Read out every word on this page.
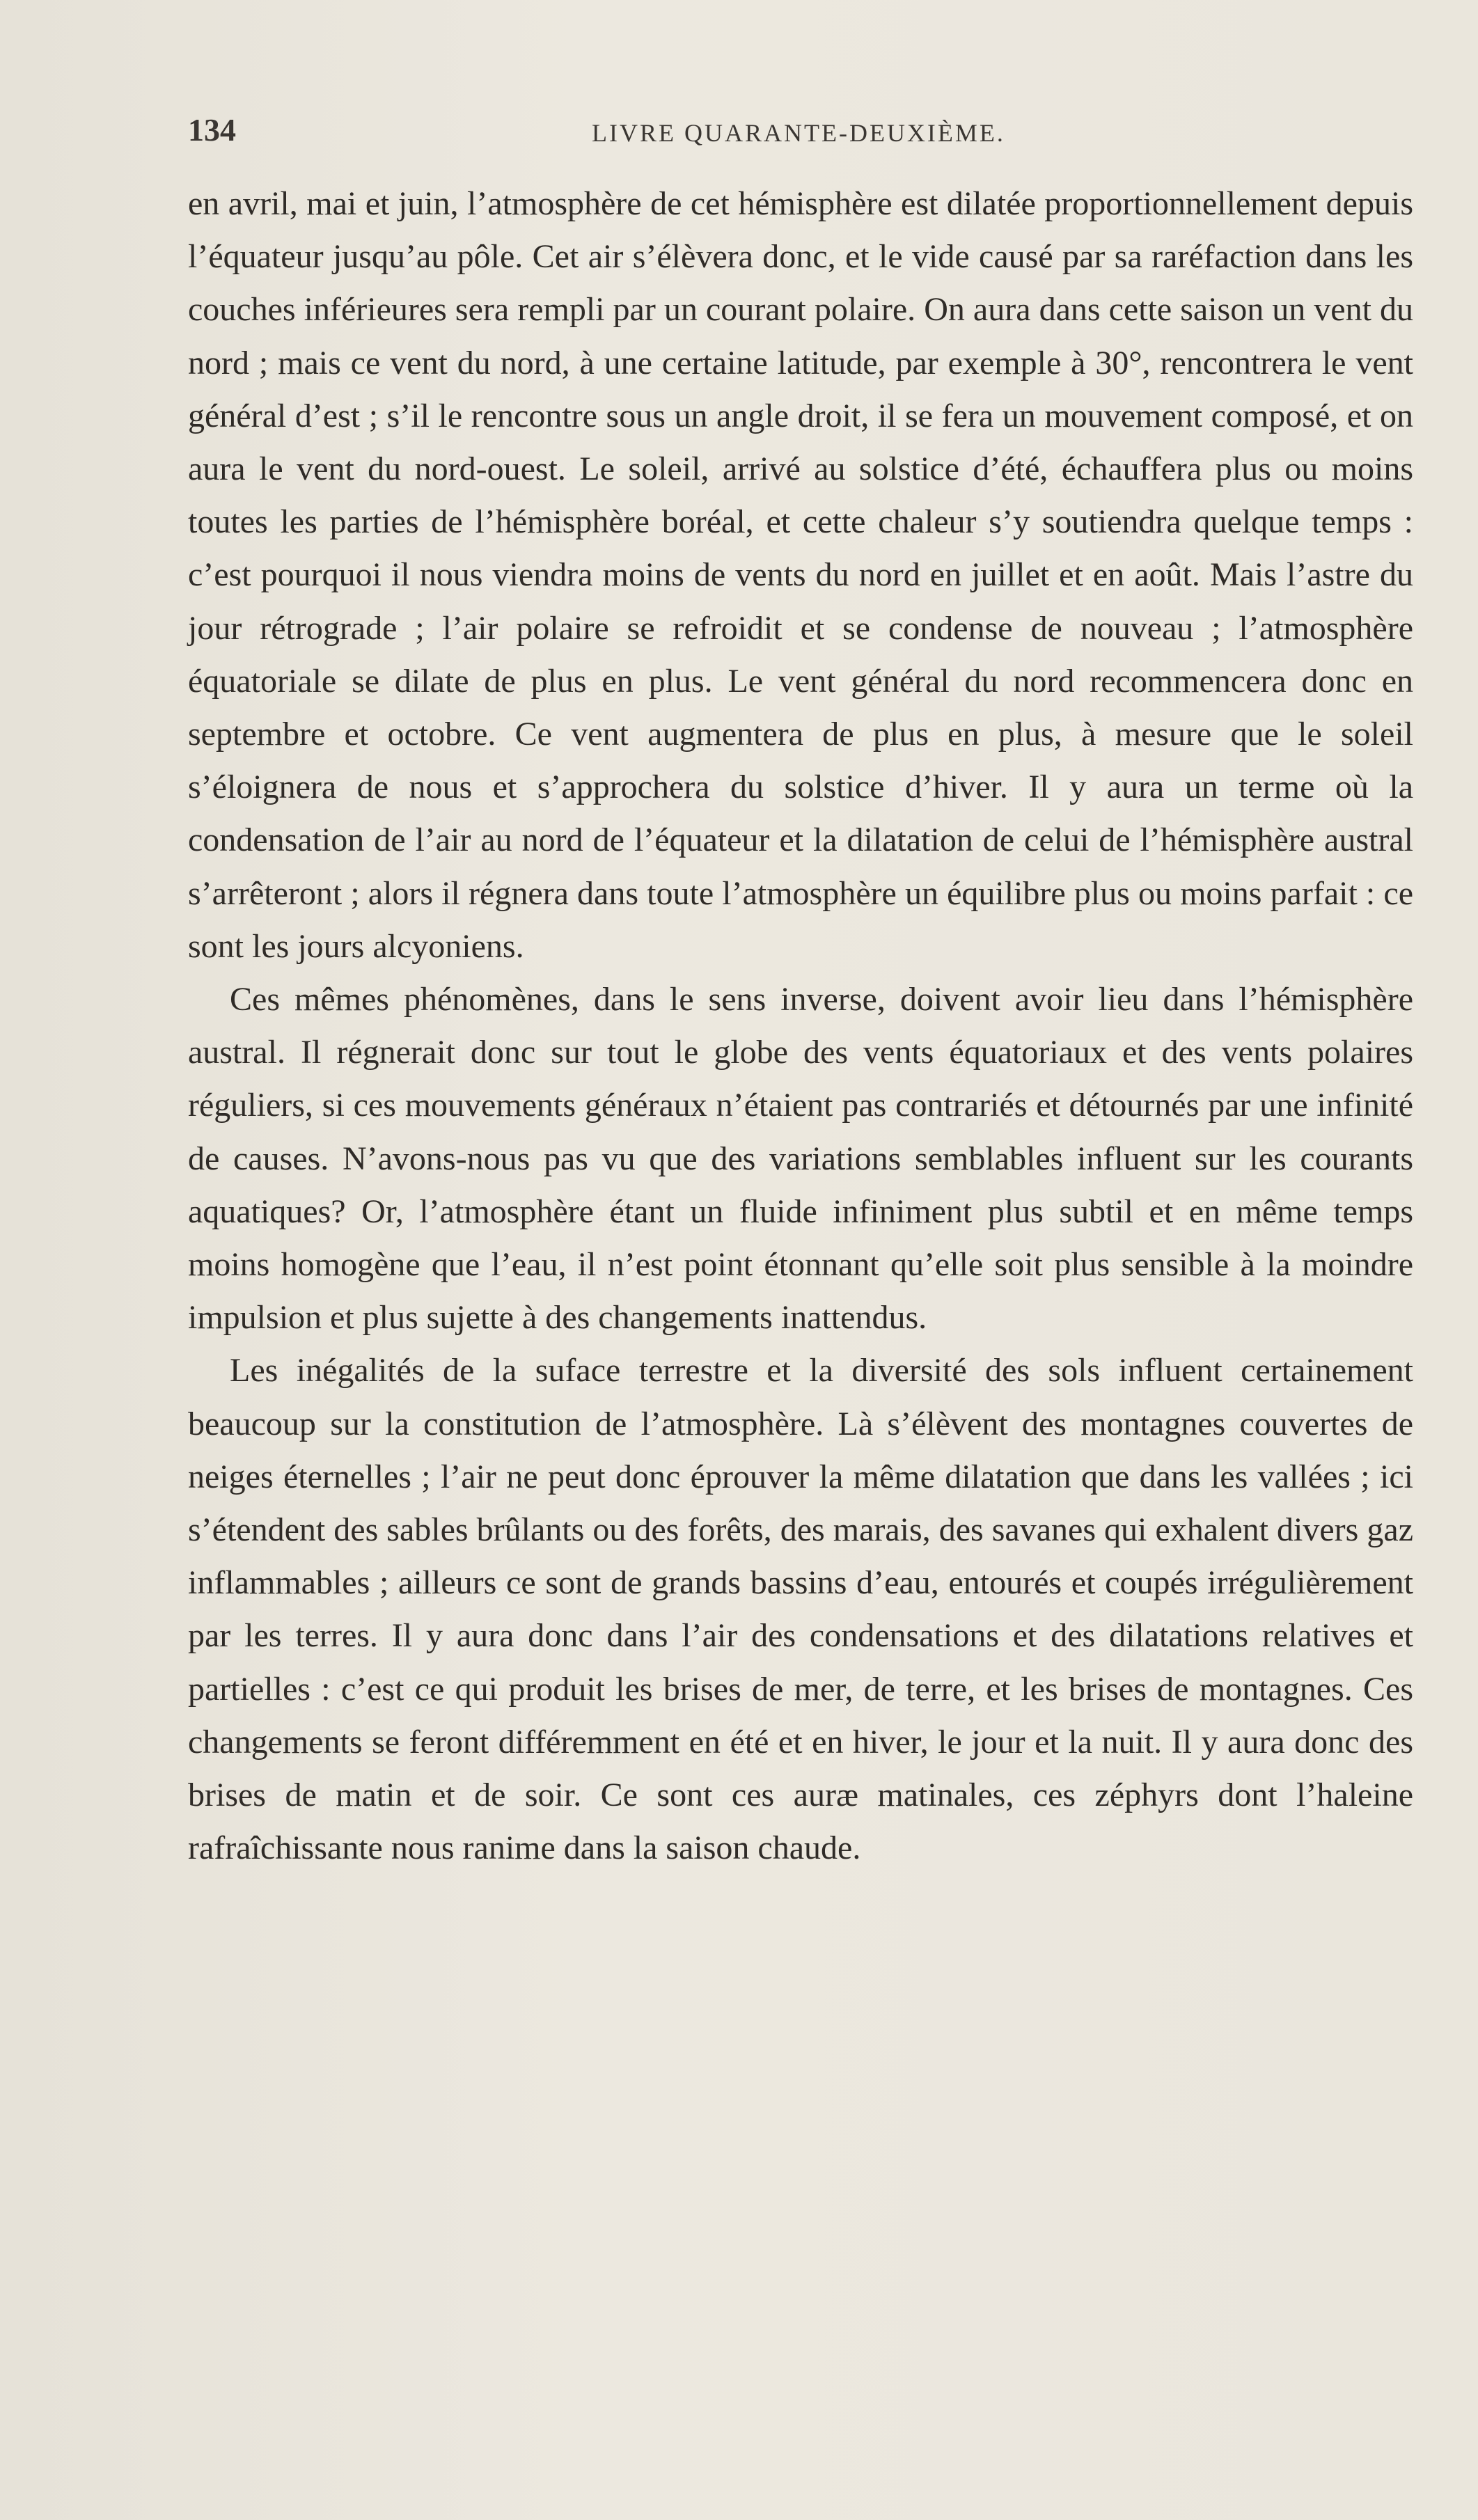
134	LIVRE QUARANTE-DEUXIÈME.

en avril, mai et juin, l’atmosphère de cet hémisphère est dilatée proportionnellement depuis l’équateur jusqu’au pôle. Cet air s’élèvera donc, et le vide causé par sa raréfaction dans les couches inférieures sera rempli par un courant polaire. On aura dans cette saison un vent du nord ; mais ce vent du nord, à une certaine latitude, par exemple à 30°, rencontrera le vent général d’est ; s’il le rencontre sous un angle droit, il se fera un mouvement composé, et on aura le vent du nord-ouest. Le soleil, arrivé au solstice d’été, échauffera plus ou moins toutes les parties de l’hémisphère boréal, et cette chaleur s’y soutiendra quelque temps : c’est pourquoi il nous viendra moins de vents du nord en juillet et en août. Mais l’astre du jour rétrograde ; l’air polaire se refroidit et se condense de nouveau ; l’atmosphère équatoriale se dilate de plus en plus. Le vent général du nord recommencera donc en septembre et octobre. Ce vent augmentera de plus en plus, à mesure que le soleil s’éloignera de nous et s’approchera du solstice d’hiver. Il y aura un terme où la condensation de l’air au nord de l’équateur et la dilatation de celui de l’hémisphère austral s’arrêteront ; alors il régnera dans toute l’atmosphère un équilibre plus ou moins parfait : ce sont les jours alcyoniens.

Ces mêmes phénomènes, dans le sens inverse, doivent avoir lieu dans l’hémisphère austral. Il régnerait donc sur tout le globe des vents équatoriaux et des vents polaires réguliers, si ces mouvements généraux n’étaient pas contrariés et détournés par une infinité de causes. N’avons-nous pas vu que des variations semblables influent sur les courants aquatiques? Or, l’atmosphère étant un fluide infiniment plus subtil et en même temps moins homogène que l’eau, il n’est point étonnant qu’elle soit plus sensible à la moindre impulsion et plus sujette à des changements inattendus.

Les inégalités de la suface terrestre et la diversité des sols influent certainement beaucoup sur la constitution de l’atmosphère. Là s’élèvent des montagnes couvertes de neiges éternelles ; l’air ne peut donc éprouver la même dilatation que dans les vallées ; ici s’étendent des sables brûlants ou des forêts, des marais, des savanes qui exhalent divers gaz inflammables ; ailleurs ce sont de grands bassins d’eau, entourés et coupés irrégulièrement par les terres. Il y aura donc dans l’air des condensations et des dilatations relatives et partielles : c’est ce qui produit les brises de mer, de terre, et les brises de montagnes. Ces changements se feront différemment en été et en hiver, le jour et la nuit. Il y aura donc des brises de matin et de soir. Ce sont ces auræ matinales, ces zéphyrs dont l’haleine rafraîchissante nous ranime dans la saison chaude.
